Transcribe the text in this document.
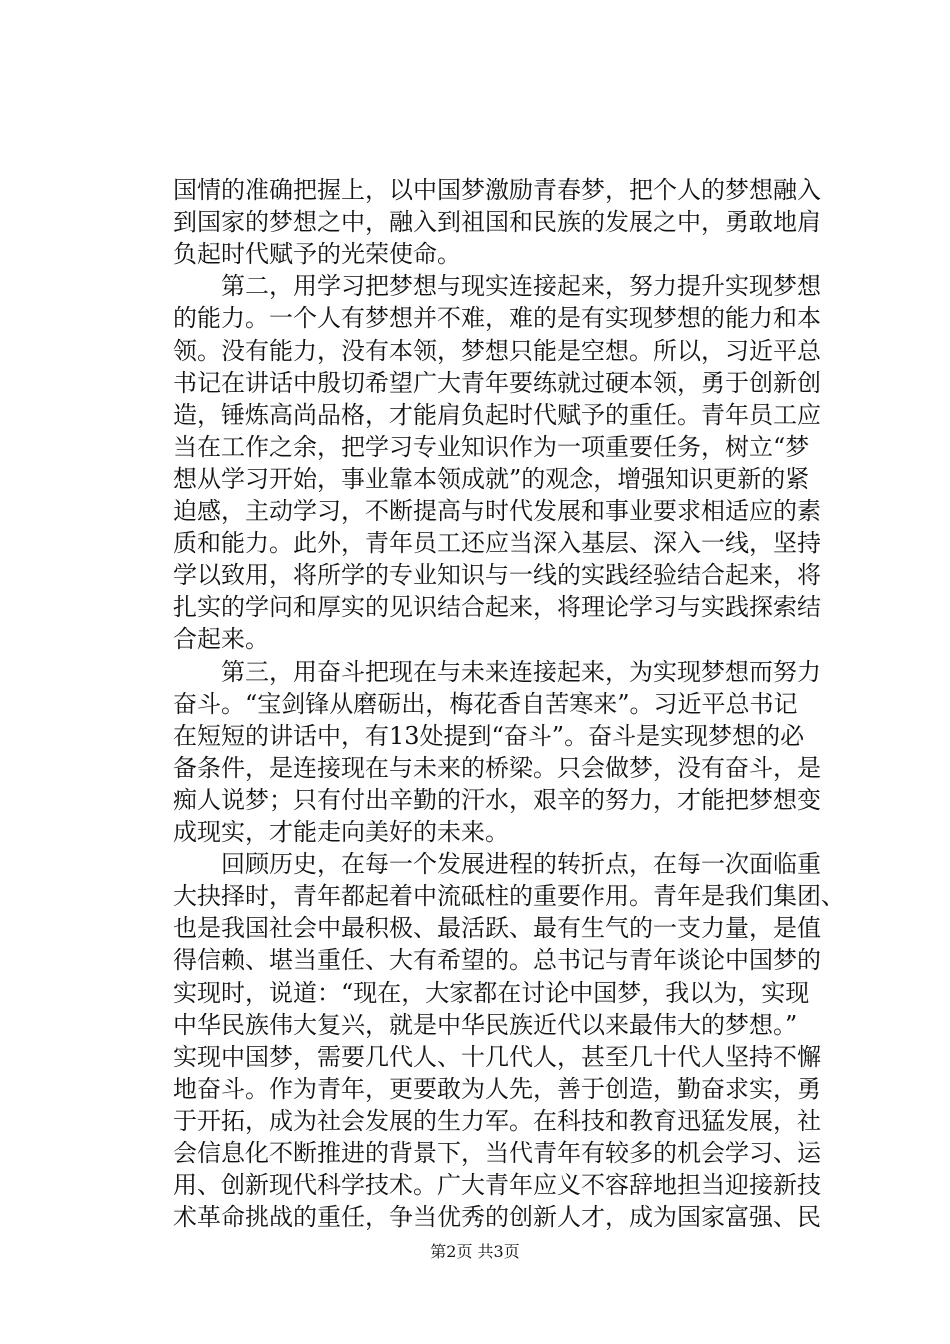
国情的准确把握上，以中国梦激励青春梦，把个人的梦想融入
到国家的梦想之中，融入到祖国和民族的发展之中，勇敢地肩
负起时代赋予的光荣使命。
　　第二，用学习把梦想与现实连接起来，努力提升实现梦想
的能力。一个人有梦想并不难，难的是有实现梦想的能力和本
领。没有能力，没有本领，梦想只能是空想。所以，习近平总
书记在讲话中殷切希望广大青年要练就过硬本领，勇于创新创
造，锤炼高尚品格，才能肩负起时代赋予的重任。青年员工应
当在工作之余，把学习专业知识作为一项重要任务，树立“梦
想从学习开始，事业靠本领成就”的观念，增强知识更新的紧
迫感，主动学习，不断提高与时代发展和事业要求相适应的素
质和能力。此外，青年员工还应当深入基层、深入一线，坚持
学以致用，将所学的专业知识与一线的实践经验结合起来，将
扎实的学问和厚实的见识结合起来，将理论学习与实践探索结
合起来。
　　第三，用奋斗把现在与未来连接起来，为实现梦想而努力
奋斗。“宝剑锋从磨砺出，梅花香自苦寒来”。习近平总书记
在短短的讲话中，有13处提到“奋斗”。奋斗是实现梦想的必
备条件，是连接现在与未来的桥梁。只会做梦，没有奋斗，是
痴人说梦；只有付出辛勤的汗水，艰辛的努力，才能把梦想变
成现实，才能走向美好的未来。
　　回顾历史，在每一个发展进程的转折点，在每一次面临重
大抉择时，青年都起着中流砥柱的重要作用。青年是我们集团、
也是我国社会中最积极、最活跃、最有生气的一支力量，是值
得信赖、堪当重任、大有希望的。总书记与青年谈论中国梦的
实现时，说道：“现在，大家都在讨论中国梦，我以为，实现
中华民族伟大复兴，就是中华民族近代以来最伟大的梦想。”
实现中国梦，需要几代人、十几代人，甚至几十代人坚持不懈
地奋斗。作为青年，更要敢为人先，善于创造，勤奋求实，勇
于开拓，成为社会发展的生力军。在科技和教育迅猛发展，社
会信息化不断推进的背景下，当代青年有较多的机会学习、运
用、创新现代科学技术。广大青年应义不容辞地担当迎接新技
术革命挑战的重任，争当优秀的创新人才，成为国家富强、民
第2页 共3页
